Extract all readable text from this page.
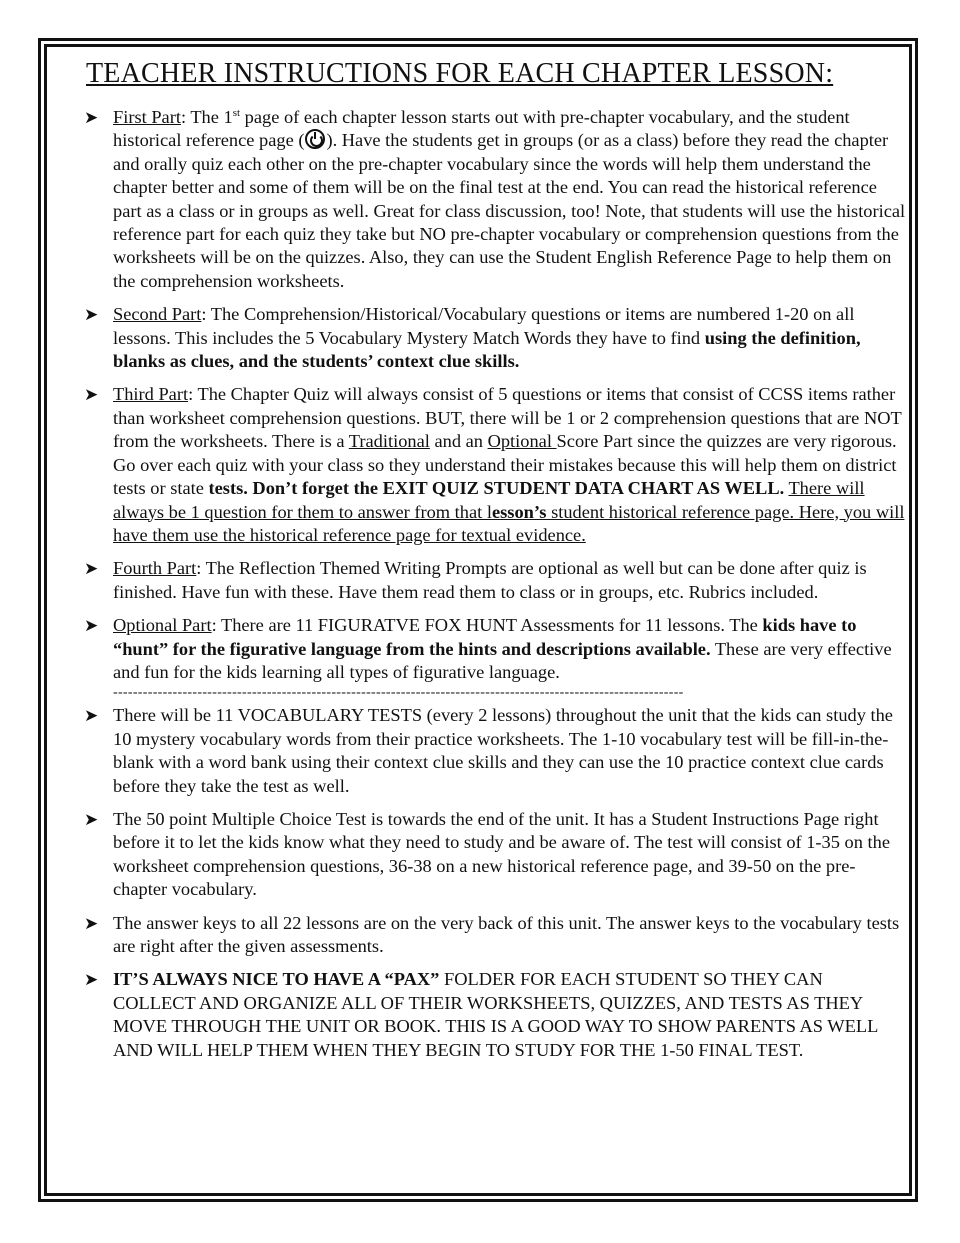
TEACHER INSTRUCTIONS FOR EACH CHAPTER LESSON:
➤ First Part: The 1st page of each chapter lesson starts out with pre-chapter vocabulary, and the student historical reference page ( ). Have the students get in groups (or as a class) before they read the chapter and orally quiz each other on the pre-chapter vocabulary since the words will help them understand the chapter better and some of them will be on the final test at the end. You can read the historical reference part as a class or in groups as well. Great for class discussion, too! Note, that students will use the historical reference part for each quiz they take but NO pre-chapter vocabulary or comprehension questions from the worksheets will be on the quizzes. Also, they can use the Student English Reference Page to help them on the comprehension worksheets.
➤ Second Part: The Comprehension/Historical/Vocabulary questions or items are numbered 1-20 on all lessons. This includes the 5 Vocabulary Mystery Match Words they have to find using the definition, blanks as clues, and the students’ context clue skills.
➤ Third Part: The Chapter Quiz will always consist of 5 questions or items that consist of CCSS items rather than worksheet comprehension questions. BUT, there will be 1 or 2 comprehension questions that are NOT from the worksheets. There is a Traditional and an Optional Score Part since the quizzes are very rigorous. Go over each quiz with your class so they understand their mistakes because this will help them on district tests or state tests. Don’t forget the EXIT QUIZ STUDENT DATA CHART AS WELL. There will always be 1 question for them to answer from that lesson’s student historical reference page. Here, you will have them use the historical reference page for textual evidence.
➤ Fourth Part: The Reflection Themed Writing Prompts are optional as well but can be done after quiz is finished. Have fun with these. Have them read them to class or in groups, etc. Rubrics included.
➤ Optional Part: There are 11 FIGURATVE FOX HUNT Assessments for 11 lessons. The kids have to “hunt” for the figurative language from the hints and descriptions available. These are very effective and fun for the kids learning all types of figurative language.
-------------------------------------------------------------------------------------------------------------------
➤ There will be 11 VOCABULARY TESTS (every 2 lessons) throughout the unit that the kids can study the 10 mystery vocabulary words from their practice worksheets. The 1-10 vocabulary test will be fill-in-the-blank with a word bank using their context clue skills and they can use the 10 practice context clue cards before they take the test as well.
➤ The 50 point Multiple Choice Test is towards the end of the unit. It has a Student Instructions Page right before it to let the kids know what they need to study and be aware of. The test will consist of 1-35 on the worksheet comprehension questions, 36-38 on a new historical reference page, and 39-50 on the pre-chapter vocabulary.
➤ The answer keys to all 22 lessons are on the very back of this unit. The answer keys to the vocabulary tests are right after the given assessments.
➤ IT’S ALWAYS NICE TO HAVE A “PAX” FOLDER FOR EACH STUDENT SO THEY CAN COLLECT AND ORGANIZE ALL OF THEIR WORKSHEETS, QUIZZES, AND TESTS AS THEY MOVE THROUGH THE UNIT OR BOOK. THIS IS A GOOD WAY TO SHOW PARENTS AS WELL AND WILL HELP THEM WHEN THEY BEGIN TO STUDY FOR THE 1-50 FINAL TEST.
